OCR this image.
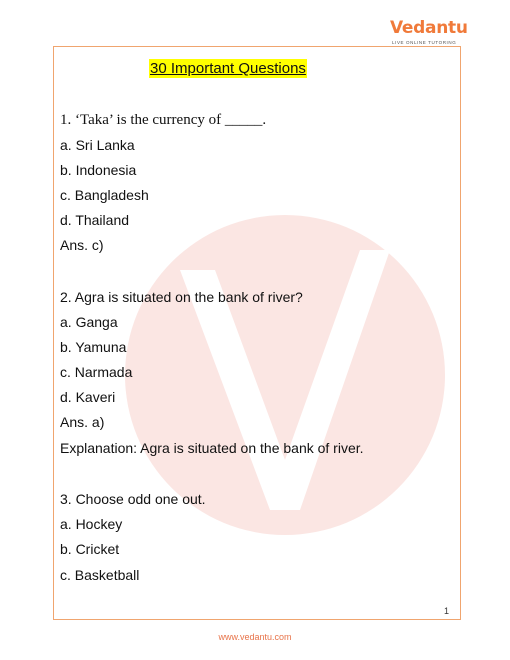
Vedantu
LIVE ONLINE TUTORING
30 Important Questions
1. ‘Taka’ is the currency of _____.
a. Sri Lanka
b. Indonesia
c. Bangladesh
d. Thailand
Ans. c)
2. Agra is situated on the bank of river?
a. Ganga
b. Yamuna
c. Narmada
d. Kaveri
Ans. a)
Explanation: Agra is situated on the bank of river.
3. Choose odd one out.
a. Hockey
b. Cricket
c. Basketball
1
www.vedantu.com
